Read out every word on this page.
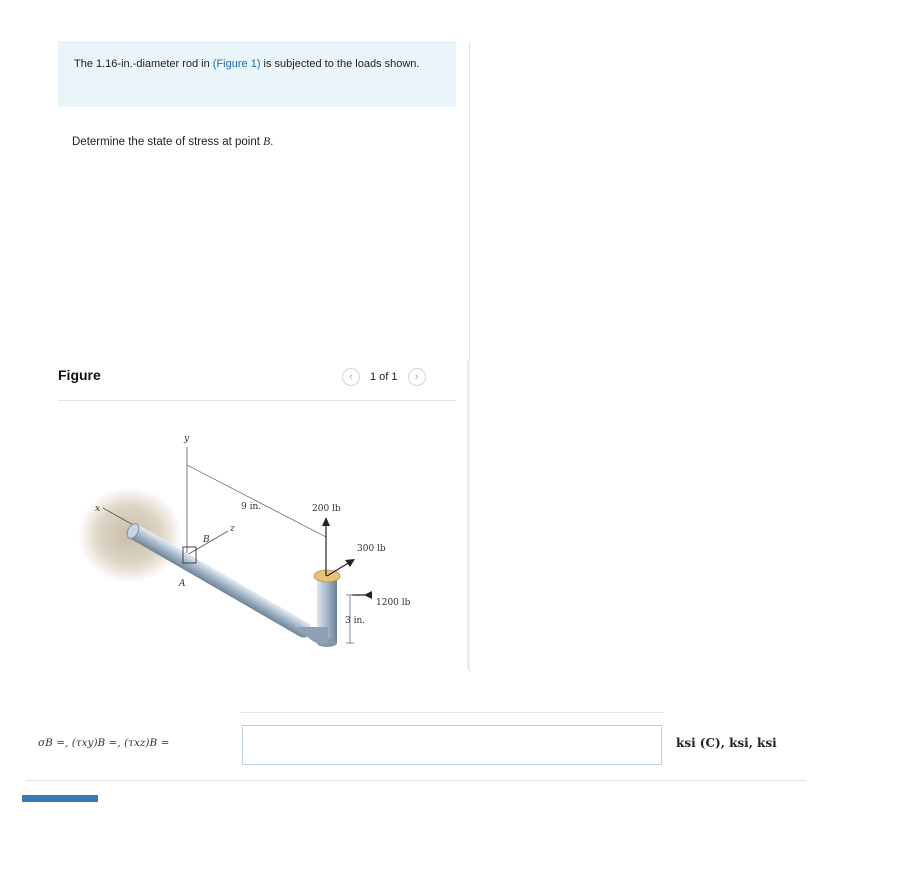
The 1.16-in.-diameter rod in (Figure 1) is subjected to the loads shown.
Determine the state of stress at point B.
Figure	‹	1 of 1	›
y
x
z
9 in.
B
A
200 lb
300 lb
1200 lb
3 in.
σB =, (τxy)B =, (τxz)B =	ksi (C), ksi, ksi
